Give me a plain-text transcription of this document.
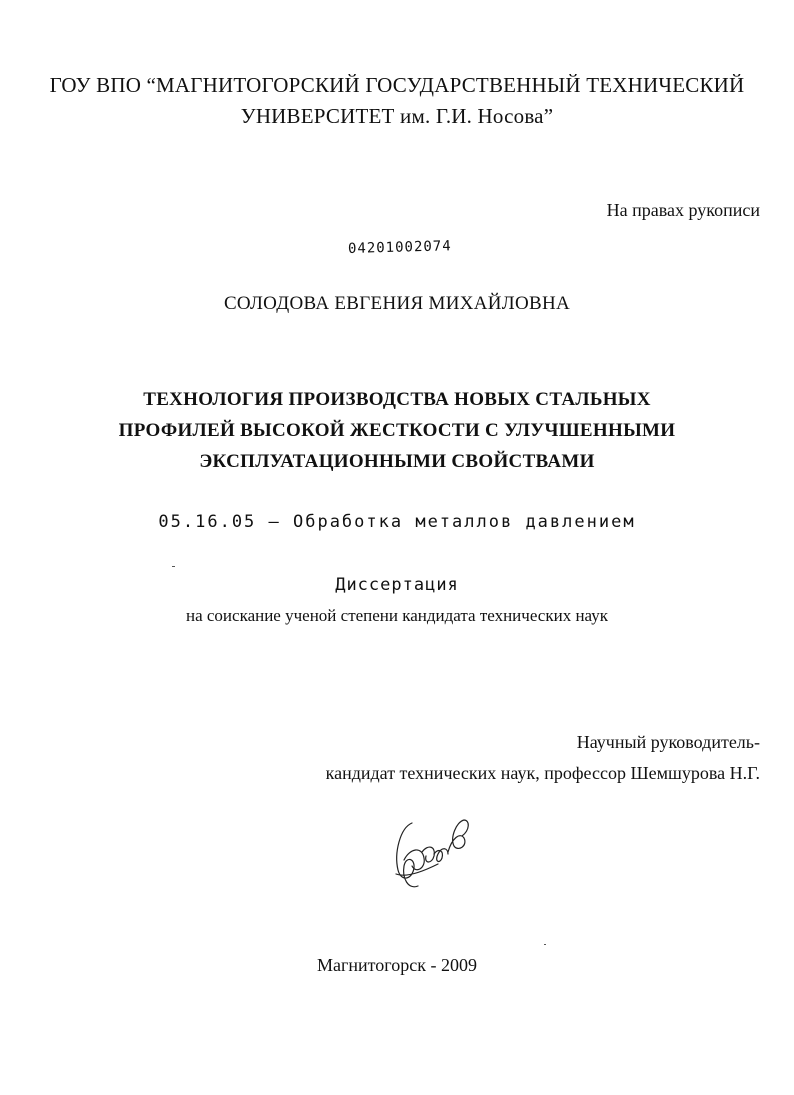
ГОУ ВПО “МАГНИТОГОРСКИЙ ГОСУДАРСТВЕННЫЙ ТЕХНИЧЕСКИЙ
УНИВЕРСИТЕТ им. Г.И. Носова”
На правах рукописи
04201002074
СОЛОДОВА ЕВГЕНИЯ МИХАЙЛОВНА
ТЕХНОЛОГИЯ ПРОИЗВОДСТВА НОВЫХ СТАЛЬНЫХ
ПРОФИЛЕЙ ВЫСОКОЙ ЖЕСТКОСТИ С УЛУЧШЕННЫМИ
ЭКСПЛУАТАЦИОННЫМИ СВОЙСТВАМИ
05.16.05 – Обработка металлов давлением
Диссертация
на соискание ученой степени кандидата технических наук
Научный руководитель-
кандидат технических наук, профессор Шемшурова Н.Г.
Магнитогорск - 2009
